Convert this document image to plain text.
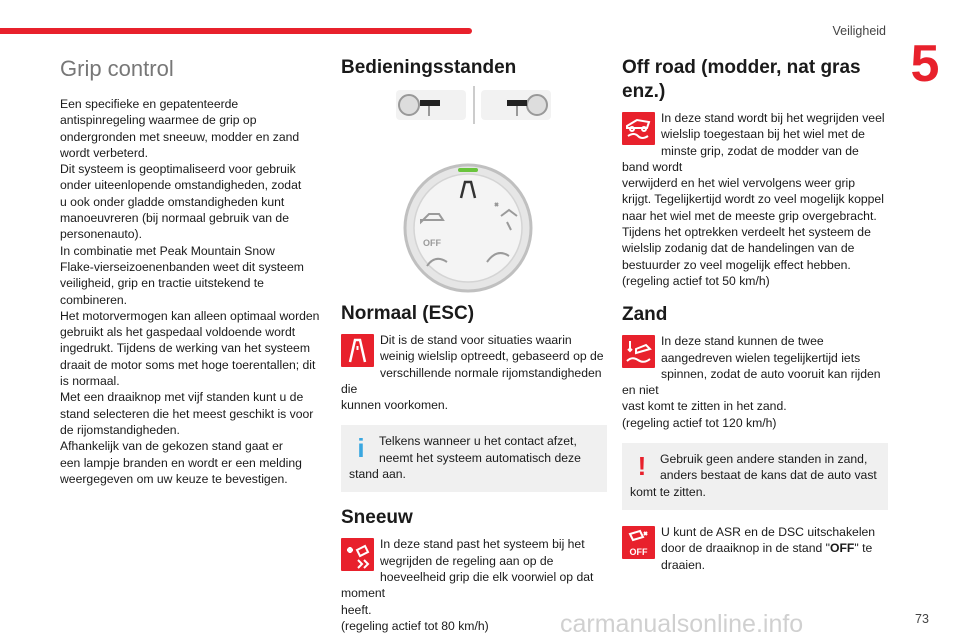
Veiligheid
5
Grip control

Een specifieke en gepatenteerde
antispinregeling waarmee de grip op
ondergronden met sneeuw, modder en zand
wordt verbeterd.
Dit systeem is geoptimaliseerd voor gebruik
onder uiteenlopende omstandigheden, zodat
u ook onder gladde omstandigheden kunt
manoeuvreren (bij normaal gebruik van de
personenauto).
In combinatie met Peak Mountain Snow
Flake-vierseizoenenbanden weet dit systeem
veiligheid, grip en tractie uitstekend te
combineren.
Het motorvermogen kan alleen optimaal worden
gebruikt als het gaspedaal voldoende wordt
ingedrukt. Tijdens de werking van het systeem
draait de motor soms met hoge toerentallen; dit
is normaal.
Met een draaiknop met vijf standen kunt u de
stand selecteren die het meest geschikt is voor
de rijomstandigheden.
Afhankelijk van de gekozen stand gaat er
een lampje branden en wordt er een melding
weergegeven om uw keuze te bevestigen.

Bedieningsstanden
OFF
Normaal (ESC)

Dit is de stand voor situaties waarin
weinig wielslip optreedt, gebaseerd op de
verschillende normale rijomstandigheden die
kunnen voorkomen.

i	Telkens wanneer u het contact afzet,
neemt het systeem automatisch deze
stand aan.

Sneeuw

In deze stand past het systeem bij het
wegrijden de regeling aan op de
hoeveelheid grip die elk voorwiel op dat moment
heeft.
(regeling actief tot 80 km/h)

Off road (modder, nat gras
enz.)

In deze stand wordt bij het wegrijden veel
wielslip toegestaan bij het wiel met de
minste grip, zodat de modder van de band wordt
verwijderd en het wiel vervolgens weer grip
krijgt. Tegelijkertijd wordt zo veel mogelijk koppel
naar het wiel met de meeste grip overgebracht.
Tijdens het optrekken verdeelt het systeem de
wielslip zodanig dat de handelingen van de
bestuurder zo veel mogelijk effect hebben.
(regeling actief tot 50 km/h)

Zand

In deze stand kunnen de twee
aangedreven wielen tegelijkertijd iets
spinnen, zodat de auto vooruit kan rijden en niet
vast komt te zitten in het zand.
(regeling actief tot 120 km/h)

!	Gebruik geen andere standen in zand,
anders bestaat de kans dat de auto vast
komt te zitten.

OFF

U kunt de ASR en de DSC uitschakelen
door de draaiknop in de stand "OFF" te
draaien.

carmanualsonline.info	73
